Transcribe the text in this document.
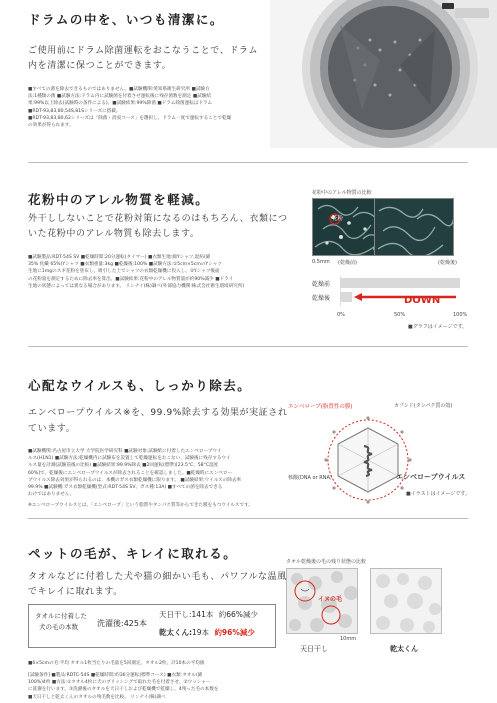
ドラムの中を、いつも清潔に。
ご使用前にドラム除菌運転をおこなうことで、ドラム
内を清潔に保つことができます。
■すべての菌を除去できるものではありません。■試験機関:愛知県衛生研究所 ■試験方
法:1種類の菌 ■試験方法:ドラム内に試験菌を付着させ運転後に残存菌数を測定 ■試験結
果:99%以上除去(試験時の条件による)。■試験結果:99%除菌 ■ドラム除菌運転はドラム
■RDT-93,83,80,54S,81Sシリーズに搭載。
■RDT-93,83,80,62シリーズは「除菌・消臭コース」を選択し、ドラム一度で運転することで乾燥
の効果が得られます。
花粉中のアレル物質を軽減。
外干ししないことで花粉対策になるのはもちろん、衣類につ
いた花粉中のアレル物質も除去します。
■試験製品:RDT-54S SV ■乾燥時間:20分運転(タイマー) ■衣類生地:綿Yシャツ,混紡(綿
35% 化繊 65%)Yシャツ ■衣類重量:3kg ■乾燥後:100% ■試験方法:①5cm×5cmのYシャツ
生地に1mgのスギ花粉を塗布し、吸引した上でシャツの衣類乾燥機に投入し、②Yシャツ後面
の花粉量を測定するために除去率を算出。■試験結果:花粉中のアレル物質量が約90%減少 ■ドライ
生地の状態によっては異なる場合があります。 リンナイ(株)調べ(外部協力機関:株式会社衛生環境研究所)
花粉中のアレル物質の比較
花粉
(乾燥前)	(乾燥後)
0.5mm
乾燥前
乾燥後	DOWN
0%	50%	100%
■グラフはイメージです。
心配なウイルスも、しっかり除去。
エンベロープウイルス※を、99.9%除去する効果が実証され
ています。
■試験機関:名古屋市立大学 大学院医学研究科 ■試験対象:試験紙に付着したエンベロープウイ
ルス(H1N1) ■試験方法:乾燥機内に試験布を設置して乾燥運転をおこない、試験後に残存するウイ
ルス量を計測(試験前後の比較) ■試験結果:99.9%除去 ■2回運転(標準)[23.5℃、58°C湿度
60%]で、乾燥後にエンベロープウイルスが除去されることを確認しました。■乾燥時にエンベロー
プウイルス除去効果が得られるのは、本機のガス衣類乾燥機に限ります。 ■試験結果:ウイルスの除去率
99.9% ■試験機:ガス衣類乾燥機(型式:RDT-54S SV、ガス種:13A) ■すべての菌を除去できる
わけではありません。
※エンベロープウイルスとは、「エンベロープ」という脂質やタンパク質等からできた膜をもつウイルスです。
エンベロープ(脂質性の膜)	カプシド(タンパク質の殻)
核酸(DNA or RNA)	エンベロープウイルス
■イラストはイメージです。
ペットの毛が、キレイに取れる。
タオルなどに付着した犬や猫の細かい毛も、パワフルな温風
でキレイに取れます。
タオルに付着した
犬の毛の本数 洗濯後:425本
天日干し:141本 約66%減少
乾太くん:19本 約96%減少
■6×5cmの毛:平均 タオル1枚当たりの毛量を5回測定。タオル2枚、計10本の平均値
[試験条件] ■製品:RDTC-54S ■乾燥時間:約36分運転(標準コース) ■衣類:タオル(綿
100%)4枚 ■方法:①タオル4枚に犬のブリッシングで取れた毛を付着させ、②ウッシャー
に洗濯を行います。③洗濯後のタオルを天日干しおよび乾燥機で乾燥し、4残った毛の本数を
■天日干しと乾太くんのタオルの残毛数を比較。 リンナイ(株)調べ
タオル乾燥後の毛の残り状態の比較
イヌの毛
10mm
天日干し	乾太くん
